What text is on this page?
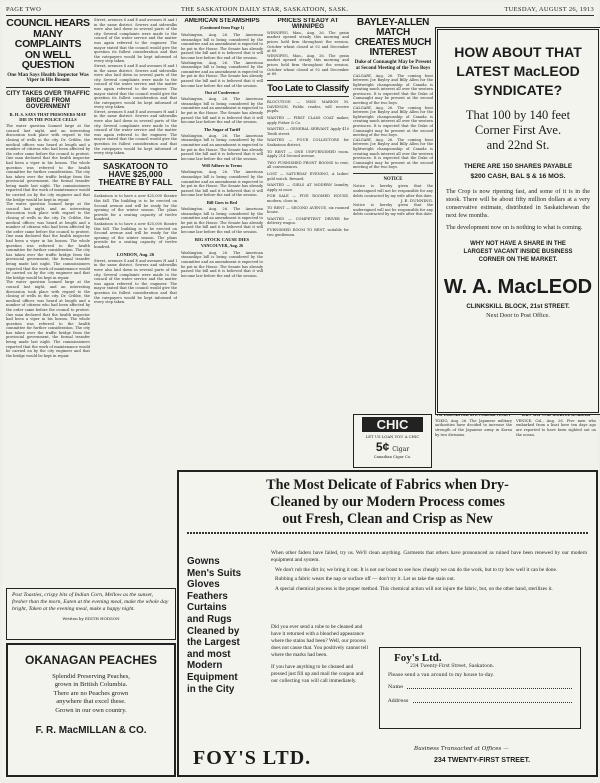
PAGE TWO	THE SASKATOON DAILY STAR, SASKATOON, SASK.	TUESDAY, AUGUST 26, 1913
COUNCIL HEARS MANY COMPLAINTS ON WELL QUESTION
One Man Says Health Inspector Was Viper in His Bosom
CITY TAKES OVER TRAFFIC BRIDGE FROM GOVERNMENT
R. H. S. SAYS THAT PRISONERS MAY DIE IN THE POLICE CELLS
The water question loomed large at the council last night, and an interesting discussion took place with regard to the closing of wells in the city. Dr. Cribbe, the medical officer, was heard at length and a number of citizens who had been affected by the order came before the council to protest. One man declared that the health inspector had been a viper in his bosom. The whole question was referred to the health committee for further consideration. The city has taken over the traffic bridge from the provincial government, the formal transfer being made last night. The commissioners reported that the work of maintenance would be carried on by the city engineer and that the bridge would be kept in repair.
The water question loomed large at the council last night, and an interesting discussion took place with regard to the closing of wells in the city. Dr. Cribbe, the medical officer, was heard at length and a number of citizens who had been affected by the order came before the council to protest. One man declared that the health inspector had been a viper in his bosom. The whole question was referred to the health committee for further consideration. The city has taken over the traffic bridge from the provincial government, the formal transfer being made last night. The commissioners reported that the work of maintenance would be carried on by the city engineer and that the bridge would be kept in repair.
The water question loomed large at the council last night, and an interesting discussion took place with regard to the closing of wells in the city. Dr. Cribbe, the medical officer, was heard at length and a number of citizens who had been affected by the order came before the council to protest. One man declared that the health inspector had been a viper in his bosom. The whole question was referred to the health committee for further consideration. The city has taken over the traffic bridge from the provincial government, the formal transfer being made last night. The commissioners reported that the work of maintenance would be carried on by the city engineer and that the bridge would be kept in repair.
Street, avenues S and E and avenues H and I in the same district. Sewers and sidewalks were also laid down in several parts of the city. Several complaints were made to the council of the water service and the matter was again referred to the engineer. The mayor stated that the council would give the question its fullest consideration and that the ratepayers would be kept informed of every step taken.
Street, avenues S and E and avenues H and I in the same district. Sewers and sidewalks were also laid down in several parts of the city. Several complaints were made to the council of the water service and the matter was again referred to the engineer. The mayor stated that the council would give the question its fullest consideration and that the ratepayers would be kept informed of every step taken.
Street, avenues S and E and avenues H and I in the same district. Sewers and sidewalks were also laid down in several parts of the city. Several complaints were made to the council of the water service and the matter was again referred to the engineer. The mayor stated that the council would give the question its fullest consideration and that the ratepayers would be kept informed of every step taken.
SASKATOON TO HAVE $25,000 THEATRE BY FALL
Saskatoon is to have a new $25,000 theatre this fall. The building is to be erected on Second avenue and will be ready for the opening of the winter season. The plans provide for a seating capacity of twelve hundred.
Saskatoon is to have a new $25,000 theatre this fall. The building is to be erected on Second avenue and will be ready for the opening of the winter season. The plans provide for a seating capacity of twelve hundred.
LONDON, Aug. 26
Street, avenues S and E and avenues H and I in the same district. Sewers and sidewalks were also laid down in several parts of the city. Several complaints were made to the council of the water service and the matter was again referred to the engineer. The mayor stated that the council would give the question its fullest consideration and that the ratepayers would be kept informed of every step taken.
Post Toasties, crispy bits of Indian Corn, Mellow as the sunset, fresher than the morn, Eaten at the evening meal, make the whole day bright, Taken at the evening meal, make a happy night.
Written by EDITH HODSON
OKANAGAN PEACHES
Splendid Preserving Peaches,
grown in British Columbia.
There are no Peaches grown
anywhere that excel these.
Grown in our own country.
F. R. MacMILLAN & CO.
AMERICAN STEAMSHIPS
(Continued from Page 1)
Washington, Aug. 26. The American steamships bill is being considered by the committee and an amendment is expected to be put in the House. The Senate has already passed the bill and it is believed that it will become law before the end of the session.
Washington, Aug. 26. The American steamships bill is being considered by the committee and an amendment is expected to be put in the House. The Senate has already passed the bill and it is believed that it will become law before the end of the session.
Out of Conference
Washington, Aug. 26. The American steamships bill is being considered by the committee and an amendment is expected to be put in the House. The Senate has already passed the bill and it is believed that it will become law before the end of the session.
The Sugar of Tariff
Washington, Aug. 26. The American steamships bill is being considered by the committee and an amendment is expected to be put in the House. The Senate has already passed the bill and it is believed that it will become law before the end of the session.
Will Adhere to Terms
Washington, Aug. 26. The American steamships bill is being considered by the committee and an amendment is expected to be put in the House. The Senate has already passed the bill and it is believed that it will become law before the end of the session.
Bill Goes to Bed
Washington, Aug. 26. The American steamships bill is being considered by the committee and an amendment is expected to be put in the House. The Senate has already passed the bill and it is believed that it will become law before the end of the session.
BIG STOCK CAUSE DIES
VANCOUVER, Aug. 26
Washington, Aug. 26. The American steamships bill is being considered by the committee and an amendment is expected to be put in the House. The Senate has already passed the bill and it is believed that it will become law before the end of the session.
PRICES STEADY AT WINNIPEG
WINNIPEG, Man., Aug. 26. The grain market opened steady this morning and prices held firm throughout the session. October wheat closed at 92 and December at 89.
WINNIPEG, Man., Aug. 26. The grain market opened steady this morning and prices held firm throughout the session. October wheat closed at 92 and December at 89.
Too Late to Classify
BLOCUTION — MISS MARION M. DAVIDSON, Public reader, will receive pupils.
WANTED — FIRST CLASS COAT maker, apply Fisher & Co.
WANTED — GENERAL SERVANT. Apply 410 Tenth street.
WANTED — FOUR COLLECTORS for Saskatoon district.
TO RENT — ONE UNFURNISHED room. Apply 214 Second avenue.
TWO FURNISHED FRONT ROOMS to rent, all conveniences.
LOST — SATURDAY EVENING, A ladies' gold watch. Reward.
WANTED — GIRLS AT MODERN laundry. Apply at once.
FOR SALE — FIVE ROOMED HOUSE, modern, close in.
TO RENT — SECOND AVENUE, six roomed house.
WANTED — COMPETENT DRIVER for delivery wagon.
FURNISHED ROOM TO RENT, suitable for two gentlemen.
BAYLEY-ALLEN MATCH CREATES MUCH INTEREST
Duke of Connaught May be Present at Second Meeting of the Two Boys
CALGARY, Aug. 26. The coming bout between Joe Bayley and Billy Allen for the lightweight championship of Canada is creating much interest all over the western provinces. It is expected that the Duke of Connaught may be present at the second meeting of the two boys.
CALGARY, Aug. 26. The coming bout between Joe Bayley and Billy Allen for the lightweight championship of Canada is creating much interest all over the western provinces. It is expected that the Duke of Connaught may be present at the second meeting of the two boys.
CALGARY, Aug. 26. The coming bout between Joe Bayley and Billy Allen for the lightweight championship of Canada is creating much interest all over the western provinces. It is expected that the Duke of Connaught may be present at the second meeting of the two boys.
NOTICE
Notice is hereby given that the undersigned will not be responsible for any debts contracted by my wife after this date.
J. E. DUNNING.
Notice is hereby given that the undersigned will not be responsible for any debts contracted by my wife after this date.
HOW ABOUT THAT
LATEST MacLEOD
SYNDICATE?
That 100 by 140 feet
Corner First Ave.
and 22nd St.
THERE ARE 150 SHARES PAYABLE
$200 CASH, BAL $ & 16 MOS.
The Crop is now ripening fast, and some of it is in the stook. There will be about fifty million dollars at a very conservative estimate, distributed in Saskatchewan the next few months.
The development now on is nothing to what is coming.
WHY NOT HAVE A SHARE IN THE
LARGEST VACANT INSIDE BUSINESS
CORNER ON THE MARKET.
W. A. MacLEOD
CLINKSKILL BLOCK, 21st STREET.
Next Door to Post Office.
CHIC
LET US LOAN YOU A CHIC
5¢ Cigar
Canadian Cigar Co.
TO INCREASE JAPANESE ARMY
TOKIO, Aug. 26. The Japanese military authorities have decided to increase the strength of the Japanese army in Korea by two divisions.
OUT ON THE OCEAN SAILING
VENICE, Cal., Aug. 26. Five men who embarked from a boat here ten days ago are reported to have been sighted out on the ocean.
The Most Delicate of Fabrics when Dry-
Cleaned by our Modern Process comes
out Fresh, Clean and Crisp as New
Gowns
Men's Suits
Gloves
Feathers
Curtains
and Rugs
Cleaned by
the Largest
and most
Modern
Equipment
in the City
When other faders have failed, try us. We'll clean anything. Garments that others have pronounced as ruined have been renewed by our modern equipment and system.
We don't rub the dirt in; we bring it out. It is not our boast to see how cheaply we can do the work, but to try how well it can be done.
Rubbing a fabric wears the nap or surface off — don't try it. Let us take the stain out.
A special chemical process is the proper method. This chemical action will not injure the fabric, but, on the other hand, sterilizes it.
Did you ever send a robe to be cleaned and have it returned with a bleached appearance where the stains had been? Well, our process does not cause that. You positively cannot tell where the marks had been.
If you have anything to be cleaned and pressed just fill up and mail the coupon and our collecting van will call immediately.
Foy's Ltd.
234 Twenty-First Street, Saskatoon.
Please send a van around to my house to-day.
Name
Address
FOY'S LTD.	Business Transacted at Offices —
234 TWENTY-FIRST STREET.
